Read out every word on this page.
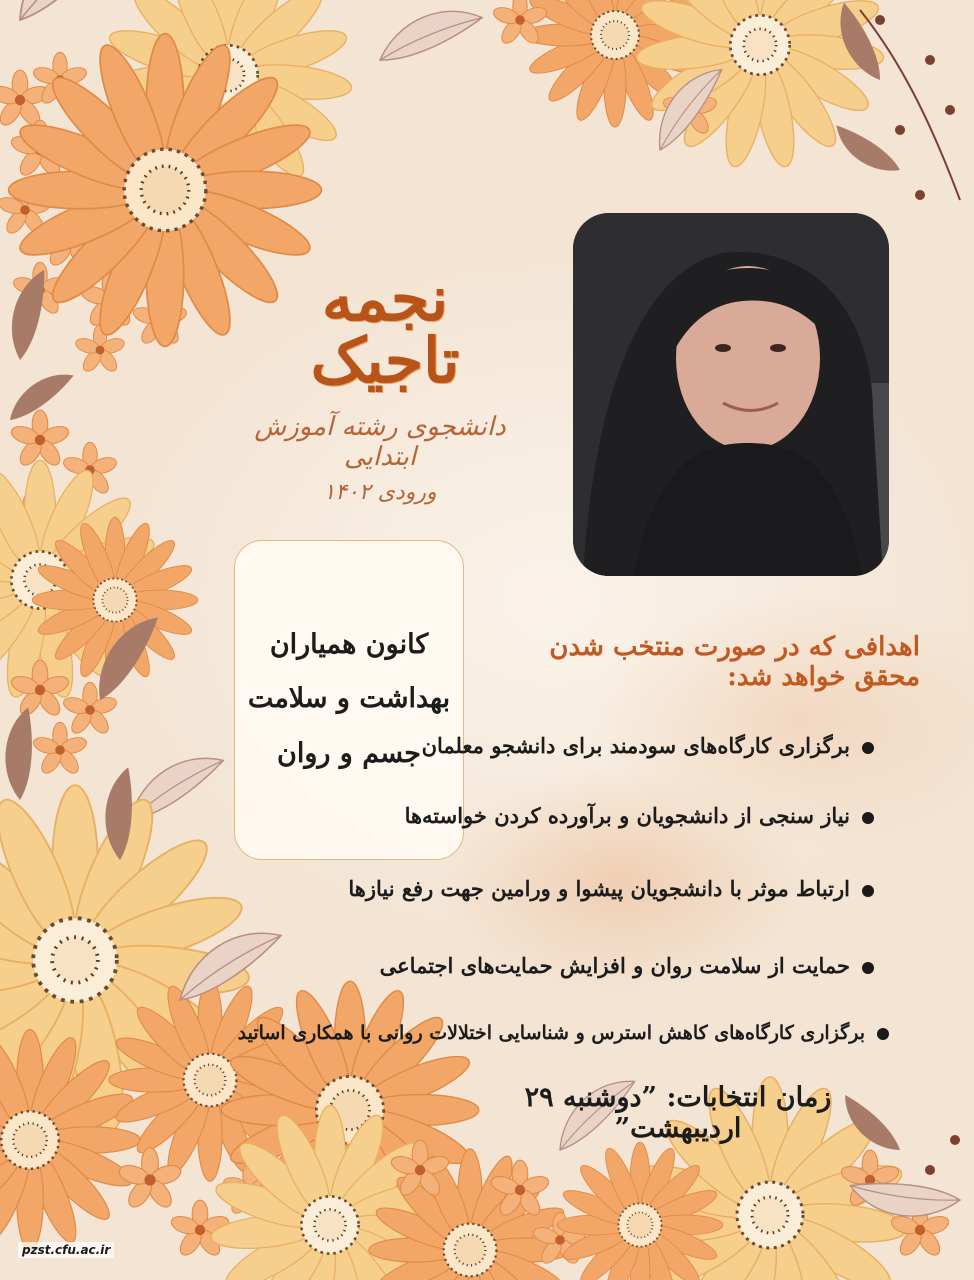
نجمه تاجیک
دانشجوی رشته آموزش ابتدایی
ورودی ۱۴۰۲
کانون همیاران
بهداشت و سلامت
جسم و روان
اهدافی که در صورت منتخب شدن محقق خواهد شد:
برگزاری کارگاه‌های سودمند برای دانشجو معلمان
نیاز سنجی از دانشجویان و برآورده کردن خواسته‌ها
ارتباط موثر با دانشجویان پیشوا و ورامین جهت رفع نیازها
حمایت از سلامت روان و افزایش حمایت‌های اجتماعی
برگزاری کارگاه‌های کاهش استرس و شناسایی اختلالات روانی با همکاری اساتید
زمان انتخابات: ”دوشنبه ۲۹ اردیبهشت”
pzst.cfu.ac.ir
